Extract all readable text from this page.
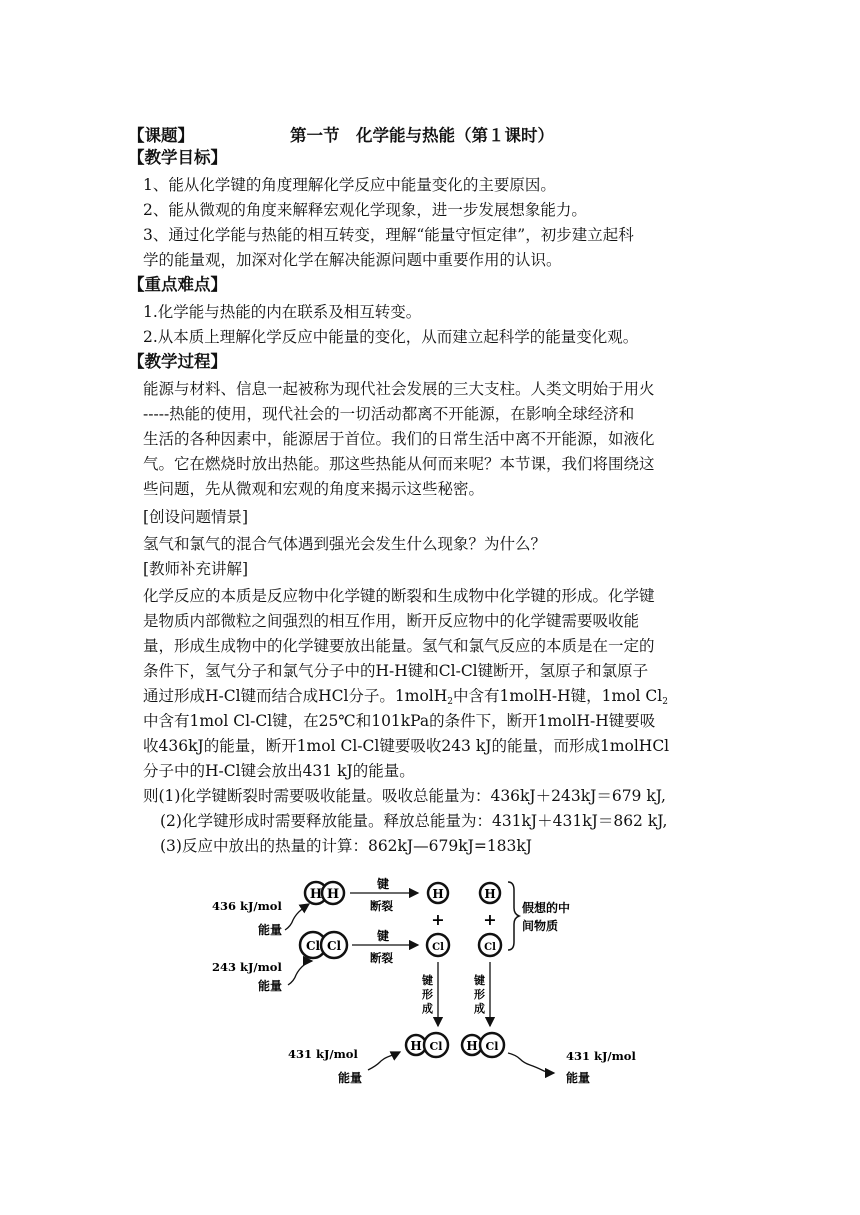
【课题】	第一节　化学能与热能（第１课时）
【教学目标】
1、能从化学键的角度理解化学反应中能量变化的主要原因。
2、能从微观的角度来解释宏观化学现象，进一步发展想象能力。
3、通过化学能与热能的相互转变，理解“能量守恒定律”，初步建立起科
学的能量观，加深对化学在解决能源问题中重要作用的认识。
【重点难点】
1.化学能与热能的内在联系及相互转变。
2.从本质上理解化学反应中能量的变化，从而建立起科学的能量变化观。
【教学过程】
能源与材料、信息一起被称为现代社会发展的三大支柱。人类文明始于用火
-----热能的使用，现代社会的一切活动都离不开能源，在影响全球经济和
生活的各种因素中，能源居于首位。我们的日常生活中离不开能源，如液化
气。它在燃烧时放出热能。那这些热能从何而来呢？本节课，我们将围绕这
些问题，先从微观和宏观的角度来揭示这些秘密。
[创设问题情景]
氢气和氯气的混合气体遇到强光会发生什么现象？为什么？
[教师补充讲解]
化学反应的本质是反应物中化学键的断裂和生成物中化学键的形成。化学键
是物质内部微粒之间强烈的相互作用，断开反应物中的化学键需要吸收能
量，形成生成物中的化学键要放出能量。氢气和氯气反应的本质是在一定的
条件下，氢气分子和氯气分子中的H-H键和Cl-Cl键断开，氢原子和氯原子
通过形成H-Cl键而结合成HCl分子。1molH2中含有1molH-H键，1mol Cl2
中含有1mol Cl-Cl键，在25℃和101kPa的条件下，断开1molH-H键要吸
收436kJ的能量，断开1mol Cl-Cl键要吸收243 kJ的能量，而形成1molHCl
分子中的H-Cl键会放出431 kJ的能量。
则(1)化学键断裂时需要吸收能量。吸收总能量为：436kJ＋243kJ＝679 kJ,
(2)化学键形成时需要释放能量。释放总能量为：431kJ＋431kJ＝862 kJ,
(3)反应中放出的热量的计算：862kJ—679kJ=183kJ
H H
Cl Cl
436 kJ/mol
能量
243 kJ/mol
能量
键
断裂
键
断裂
H
+
Cl
H
+
Cl
假想的中
间物质
键
形
成
键
形
成
H Cl H Cl
431 kJ/mol
能量
431 kJ/mol
能量
